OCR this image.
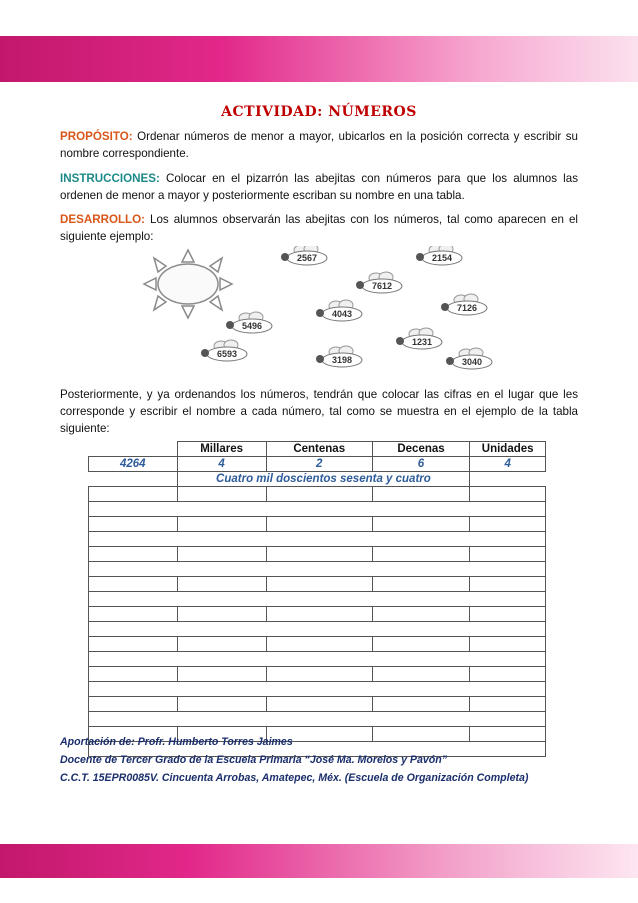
ACTIVIDAD: NÚMEROS
PROPÓSITO: Ordenar números de menor a mayor, ubicarlos en la posición correcta y escribir su nombre correspondiente.
INSTRUCCIONES: Colocar en el pizarrón las abejitas con números para que los alumnos las ordenen de menor a mayor y posteriormente escriban su nombre en una tabla.
DESARROLLO: Los alumnos observarán las abejitas con los números, tal como aparecen en el siguiente ejemplo:
2567	2154
7612
4043
7126
5496
1231
6593
3198	3040
Posteriormente, y ya ordenandos los números, tendrán que colocar las cifras en el lugar que les corresponde y escribir el nombre a cada número, tal como se muestra en el ejemplo de la tabla siguiente:
	Millares	Centenas	Decenas	Unidades
4264	4	2	6	4
	Cuatro mil doscientos sesenta y cuatro			

Aportación de: Profr. Humberto Torres Jaimes
Docente de Tercer Grado de la Escuela Primaria “José Ma. Morelos y Pavón”
C.C.T. 15EPR0085V. Cincuenta Arrobas, Amatepec, Méx. (Escuela de Organización Completa)
